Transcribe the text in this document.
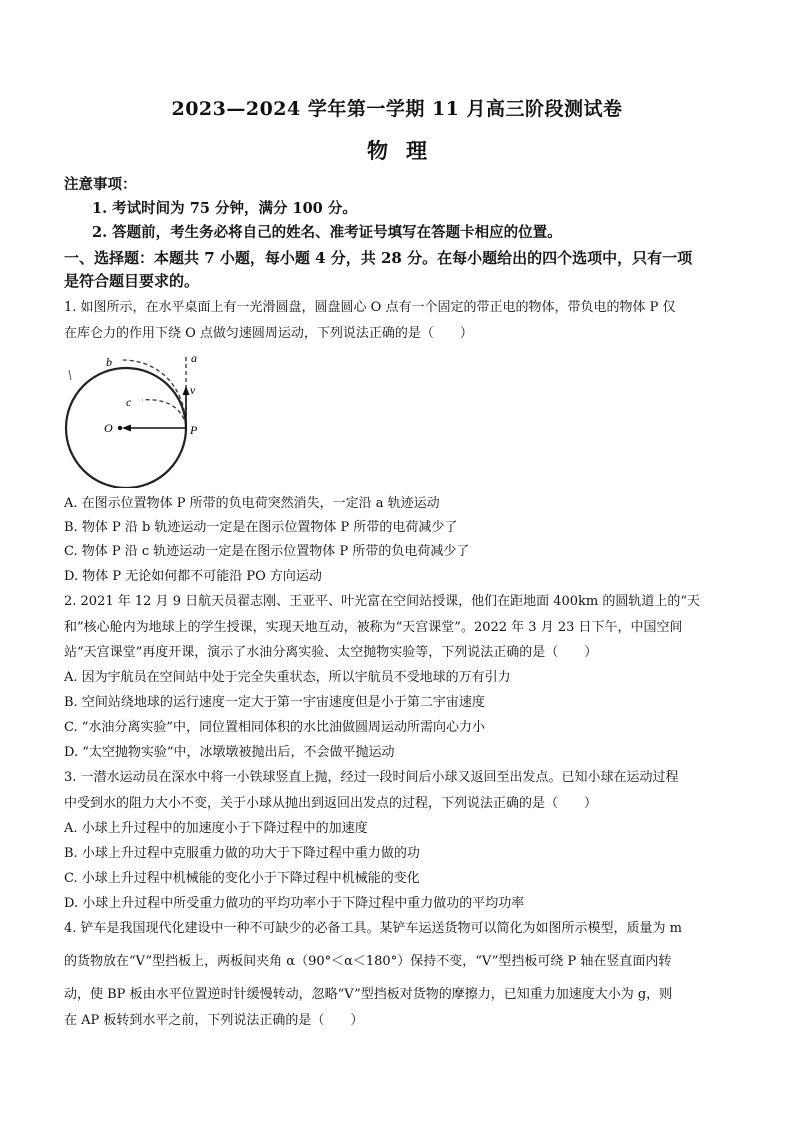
2023—2024 学年第一学期 11 月高三阶段测试卷
物 理
注意事项：
1. 考试时间为 75 分钟，满分 100 分。
2. 答题前，考生务必将自己的姓名、准考证号填写在答题卡相应的位置。
一、选择题：本题共 7 小题，每小题 4 分，共 28 分。在每小题给出的四个选项中，只有一项
是符合题目要求的。
1. 如图所示，在水平桌面上有一光滑圆盘，圆盘圆心 O 点有一个固定的带正电的物体，带负电的物体 P 仅
在库仑力的作用下绕 O 点做匀速圆周运动，下列说法正确的是（　　）
a
b
c
v
O	P
A. 在图示位置物体 P 所带的负电荷突然消失，一定沿 a 轨迹运动
B. 物体 P 沿 b 轨迹运动一定是在图示位置物体 P 所带的电荷减少了
C. 物体 P 沿 c 轨迹运动一定是在图示位置物体 P 所带的负电荷减少了
D. 物体 P 无论如何都不可能沿 PO 方向运动
2. 2021 年 12 月 9 日航天员翟志刚、王亚平、叶光富在空间站授课，他们在距地面 400km 的圆轨道上的“天
和”核心舱内为地球上的学生授课，实现天地互动，被称为“天宫课堂”。2022 年 3 月 23 日下午，中国空间
站“天宫课堂”再度开课，演示了水油分离实验、太空抛物实验等，下列说法正确的是（　　）
A. 因为宇航员在空间站中处于完全失重状态，所以宇航员不受地球的万有引力
B. 空间站绕地球的运行速度一定大于第一宇宙速度但是小于第二宇宙速度
C. “水油分离实验”中，同位置相同体积的水比油做圆周运动所需向心力小
D. “太空抛物实验”中，冰墩墩被抛出后，不会做平抛运动
3. 一潜水运动员在深水中将一小铁球竖直上抛，经过一段时间后小球又返回至出发点。已知小球在运动过程
中受到水的阻力大小不变，关于小球从抛出到返回出发点的过程，下列说法正确的是（　　）
A. 小球上升过程中的加速度小于下降过程中的加速度
B. 小球上升过程中克服重力做的功大于下降过程中重力做的功
C. 小球上升过程中机械能的变化小于下降过程中机械能的变化
D. 小球上升过程中所受重力做功的平均功率小于下降过程中重力做功的平均功率
4. 铲车是我国现代化建设中一种不可缺少的必备工具。某铲车运送货物可以简化为如图所示模型，质量为 m
的货物放在“V”型挡板上，两板间夹角 α（90°＜α＜180°）保持不变，“V”型挡板可绕 P 轴在竖直面内转
动，使 BP 板由水平位置逆时针缓慢转动，忽略“V”型挡板对货物的摩擦力，已知重力加速度大小为 g，则
在 AP 板转到水平之前，下列说法正确的是（　　）
